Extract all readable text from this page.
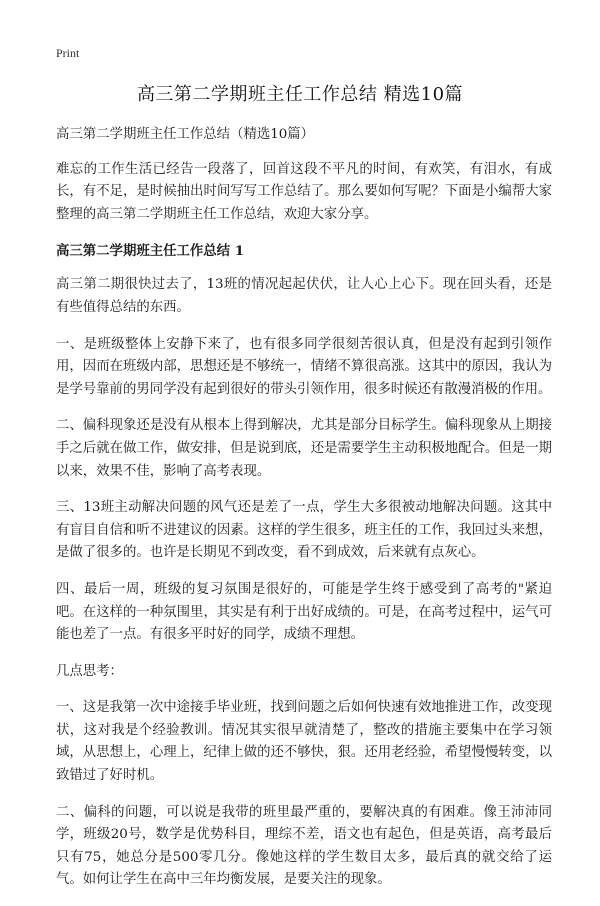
Print
高三第二学期班主任工作总结 精选10篇

高三第二学期班主任工作总结（精选10篇）

难忘的工作生活已经告一段落了，回首这段不平凡的时间，有欢笑，有泪水，有成长，有不足，是时候抽出时间写写工作总结了。那么要如何写呢？下面是小编帮大家整理的高三第二学期班主任工作总结，欢迎大家分享。

高三第二学期班主任工作总结 1

高三第二期很快过去了，13班的情况起起伏伏，让人心上心下。现在回头看，还是有些值得总结的东西。

一、是班级整体上安静下来了，也有很多同学很刻苦很认真，但是没有起到引领作用，因而在班级内部，思想还是不够统一，情绪不算很高涨。这其中的原因，我认为是学号靠前的男同学没有起到很好的带头引领作用，很多时候还有散漫消极的作用。

二、偏科现象还是没有从根本上得到解决，尤其是部分目标学生。偏科现象从上期接手之后就在做工作，做安排，但是说到底，还是需要学生主动积极地配合。但是一期以来，效果不佳，影响了高考表现。

三、13班主动解决问题的风气还是差了一点，学生大多很被动地解决问题。这其中有盲目自信和听不进建议的因素。这样的学生很多，班主任的工作，我回过头来想，是做了很多的。也许是长期见不到改变，看不到成效，后来就有点灰心。

四、最后一周，班级的复习氛围是很好的，可能是学生终于感受到了高考的"紧迫吧。在这样的一种氛围里，其实是有利于出好成绩的。可是，在高考过程中，运气可能也差了一点。有很多平时好的同学，成绩不理想。

几点思考：

一、这是我第一次中途接手毕业班，找到问题之后如何快速有效地推进工作，改变现状，这对我是个经验教训。情况其实很早就清楚了，整改的措施主要集中在学习领域，从思想上，心理上，纪律上做的还不够快，狠。还用老经验，希望慢慢转变，以致错过了好时机。

二、偏科的问题，可以说是我带的班里最严重的，要解决真的有困难。像王沛沛同学，班级20号，数学是优势科目，理综不差，语文也有起色，但是英语，高考最后只有75，她总分是500零几分。像她这样的学生数目太多，最后真的就交给了运气。如何让学生在高中三年均衡发展，是要关注的现象。
